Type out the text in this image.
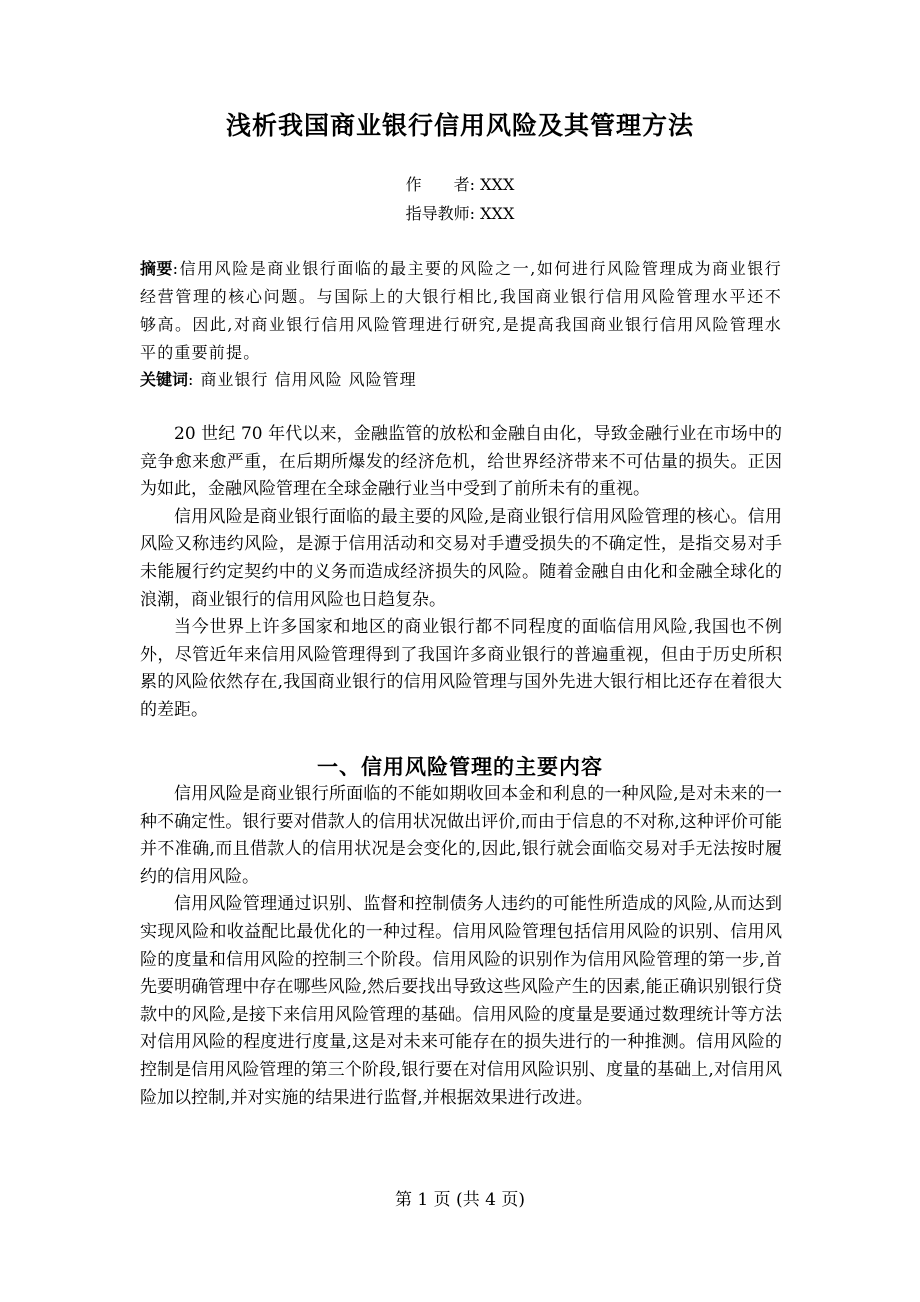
浅析我国商业银行信用风险及其管理方法
作　　者: XXX
指导教师: XXX
摘要:信用风险是商业银行面临的最主要的风险之一,如何进行风险管理成为商业银行经营管理的核心问题。与国际上的大银行相比,我国商业银行信用风险管理水平还不够高。因此,对商业银行信用风险管理进行研究,是提高我国商业银行信用风险管理水平的重要前提。
关键词: 商业银行 信用风险 风险管理

20 世纪 70 年代以来，金融监管的放松和金融自由化，导致金融行业在市场中的竞争愈来愈严重，在后期所爆发的经济危机，给世界经济带来不可估量的损失。正因为如此，金融风险管理在全球金融行业当中受到了前所未有的重视。

信用风险是商业银行面临的最主要的风险,是商业银行信用风险管理的核心。信用风险又称违约风险，是源于信用活动和交易对手遭受损失的不确定性，是指交易对手未能履行约定契约中的义务而造成经济损失的风险。随着金融自由化和金融全球化的浪潮，商业银行的信用风险也日趋复杂。

当今世界上许多国家和地区的商业银行都不同程度的面临信用风险,我国也不例外，尽管近年来信用风险管理得到了我国许多商业银行的普遍重视，但由于历史所积累的风险依然存在,我国商业银行的信用风险管理与国外先进大银行相比还存在着很大的差距。

一、信用风险管理的主要内容

信用风险是商业银行所面临的不能如期收回本金和利息的一种风险,是对未来的一种不确定性。银行要对借款人的信用状况做出评价,而由于信息的不对称,这种评价可能并不准确,而且借款人的信用状况是会变化的,因此,银行就会面临交易对手无法按时履约的信用风险。

信用风险管理通过识别、监督和控制债务人违约的可能性所造成的风险,从而达到实现风险和收益配比最优化的一种过程。信用风险管理包括信用风险的识别、信用风险的度量和信用风险的控制三个阶段。信用风险的识别作为信用风险管理的第一步,首先要明确管理中存在哪些风险,然后要找出导致这些风险产生的因素,能正确识别银行贷款中的风险,是接下来信用风险管理的基础。信用风险的度量是要通过数理统计等方法对信用风险的程度进行度量,这是对未来可能存在的损失进行的一种推测。信用风险的控制是信用风险管理的第三个阶段,银行要在对信用风险识别、度量的基础上,对信用风险加以控制,并对实施的结果进行监督,并根据效果进行改进。

第 1 页 (共 4 页)
